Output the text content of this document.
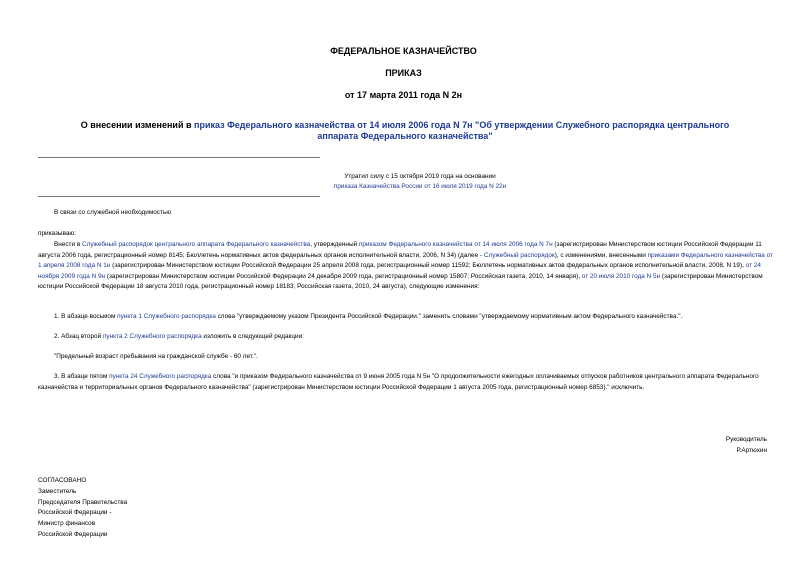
ФЕДЕРАЛЬНОЕ КАЗНАЧЕЙСТВО
ПРИКАЗ
от 17 марта 2011 года N 2н
О внесении изменений в приказ Федерального казначейства от 14 июля 2006 года N 7н "Об утверждении Служебного распорядка центрального аппарата Федерального казначейства"
Утратил силу с 15 октября 2019 года на основании
приказа Казначейства России от 16 июля 2019 года N 22н
В связи со служебной необходимостью
приказываю:
Внести в Служебный распорядок центрального аппарата Федерального казначейства, утвержденный приказом Федерального казначейства от 14 июля 2006 года N 7н (зарегистрирован Министерством юстиции Российской Федерации 11 августа 2006 года, регистрационный номер 8145; Бюллетень нормативных актов федеральных органов исполнительной власти, 2006, N 34) (далее - Служебный распорядок), с изменениями, внесенными приказами Федерального казначейства от 1 апреля 2008 года N 1н (зарегистрирован Министерством юстиции Российской Федерации 25 апреля 2008 года, регистрационный номер 11592; Бюллетень нормативных актов федеральных органов исполнительной власти, 2008, N 19), от 24 ноября 2009 года N 9н (зарегистрирован Министерством юстиции Российской Федерации 24 декабря 2009 года, регистрационный номер 15807; Российская газета, 2010, 14 января), от 20 июля 2010 года N 5н (зарегистрирован Министерством юстиции Российской Федерации 18 августа 2010 года, регистрационный номер 18183; Российская газета, 2010, 24 августа), следующие изменения:
1. В абзаце восьмом пункта 1 Служебного распорядка слова "утверждаемому указом Президента Российской Федерации." заменить словами "утверждаемому нормативным актом Федерального казначейства.".
2. Абзац второй пункта 2 Служебного распорядка изложить в следующей редакции:
"Предельный возраст пребывания на гражданской службе - 60 лет.".
3. В абзаце пятом пункта 24 Служебного распорядка слова "и приказом Федерального казначейства от 9 июня 2005 года N 5н "О продолжительности ежегодных оплачиваемых отпусков работников центрального аппарата Федерального казначейства и территориальных органов Федерального казначейства" (зарегистрирован Министерством юстиции Российской Федерации 1 августа 2005 года, регистрационный номер 6853)." исключить.
Руководитель
Р.Артюхин
СОГЛАСОВАНО
Заместитель
Председателя Правительства
Российской Федерации -
Министр финансов
Российской Федерации
